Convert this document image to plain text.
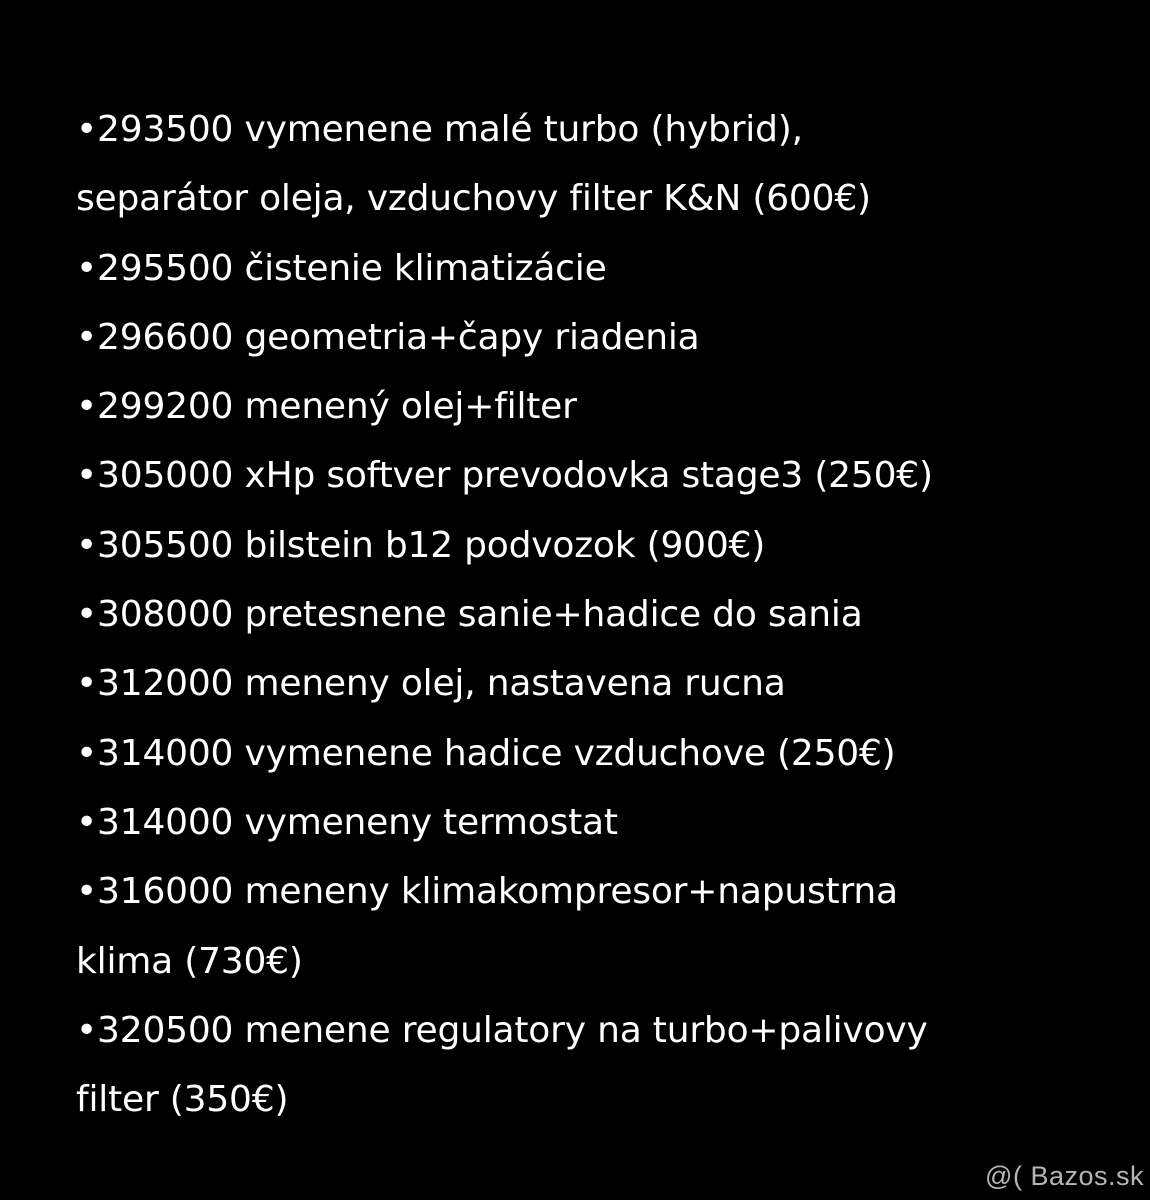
•293500 vymenene malé turbo (hybrid),
separátor oleja, vzduchovy filter K&N (600€)
•295500 čistenie klimatizácie
•296600 geometria+čapy riadenia
•299200 menený olej+filter
•305000 xHp softver prevodovka stage3 (250€)
•305500 bilstein b12 podvozok (900€)
•308000 pretesnene sanie+hadice do sania
•312000 meneny olej, nastavena rucna
•314000 vymenene hadice vzduchove (250€)
•314000 vymeneny termostat
•316000 meneny klimakompresor+napustrna
klima (730€)
•320500 menene regulatory na turbo+palivovy
filter (350€)
@( Bazos.sk
